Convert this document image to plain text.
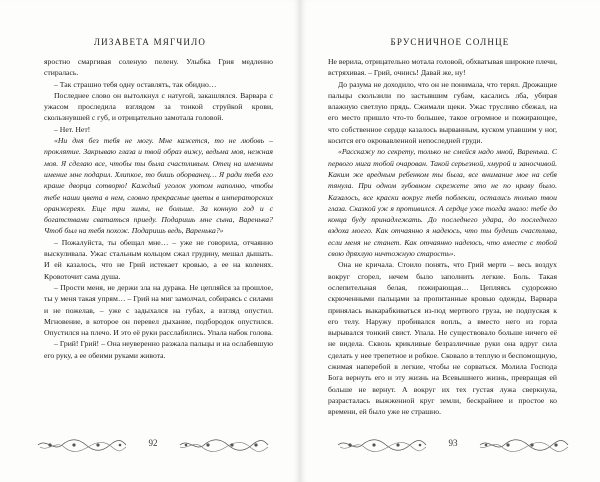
ЛИЗАВЕТА МЯГЧИЛО

яростно смаргивая соленую пелену. Улыбка Грия медленно стиралась.

– Так страшно тебя одну оставлять, так обидно…

Последнее слово он вытолкнул с натугой, закашлялся. Варвара с ужасом проследила взглядом за тонкой струйкой крови, скользнувшей с губ, и отрицательно замотала головой.

– Нет. Нет!

«Ни дня без тебя не могу. Мне кажется, то не любовь – проклятие. Закрываю глаза и твой образ вижу, ведьма моя, нежная моя. Я сделаю все, чтобы ты была счастливым. Отец на именины имение мне подарил. Хлипкое, то бишь оборванец… Я ради тебя его краше дворца сотворю! Каждый уголок уютом наполню, чтобы тебе наши цвета в нем, словно прекрасные цветы в императорских оранжереях. Еще три зимы, не больше. За конную год и с богатствами свататься приеду. Подаришь мне сына, Варенька? Чтоб был на тебя похож. Подаришь ведь, Варенька?»

– Пожалуйста, ты обещал мне… – уже не говорила, отчаянно выскуливала. Ужас стальным кольцом сжал грудину, мешал дышать. И ей казалось, что не Грий истекает кровью, а ее на коленях. Кровоточит сама душа.

– Прости меня, не держи зла на дурака. Не цепляйся за прошлое, ты у меня такая упрям… – Грий на миг замолчал, собираясь с силами и не пожелав, – уже с задыхался на губах, а взгляд опустил. Мгновение, в которое он перевел дыхание, подбородок опустился. Опустился на плечо. И это её руки расслабились. Упала набок голова.

– Грий! Грий! – Она неуверенно разжала пальцы и на ослабевшую его руку, а ее обеими руками живота.

92
БРУСНИЧНОЕ СОЛНЦЕ

Не верила, отрицательно мотала головой, обхватывая широкие плечи, встряхивая. – Грий, очнись! Давай же, ну!

До разума не доходило, что он не понимала, что терял. Дрожащие пальцы скользили по застывшим губам, касались лба, убирая влажную светлую прядь. Сжимали щеки. Ужас трусливо сбежал, на его место пришло что-то большее, такое огромное и пожирающее, что собственное сердце казалось вырванным, куском упавшим у ног, косится его окровавленной непоследней груди.

«Расскажу по секрету, только не смейся надо мной, Варенька. С первого мига тобой очарован. Такой серьезной, хмурой и заносчивой. Каким же вредным ребенком ты была, все внимание мое на себя тянула. При одном зубовном скрежете это не по нраву было. Казалось, все краски вокруг тебя поблекли, остались только твои глаза. Сказкой уж я противился. А сердце уже тогда знало: тебе до конца буду принадлежать. До последнего удара, до последнего вздоха моего. Как отчаянно я надеюсь, что ты будешь счастлива, если меня не станет. Как отчаянно надеюсь, что вместе с тобой свою дряхлую ничтожную старость».

Она не кричала. Стоило понять, что Грий мертв – весь воздух вокруг сгорел, нечем было заполнить легкие. Боль. Такая ослепительная белая, пожирающая… Цепляясь судорожно скрюченными пальцами за пропитанные кровью одежды, Варвара принялась выкарабкиваться из-под мертвого груза, не подпуская к его телу. Наружу пробивался вопль, а вместо него из горла вырывался тонкий свист. Упала. Не существовало больше ничего её не видела. Сквозь крикливые безразличные руки она вдруг сила сделать у нее трепетное и робкое. Сковало в теплую и беспомощную, сжимая наперебой в легкие, чтобы не сорваться. Молила Господа Бога вернуть его и эту жизнь на Всевышнего жизнь, превращая ей больше не вернут. А вокруг их тех густая лужа сверкнула, разрасталась выжженной круг земли, бескрайнее и простое ко времени, ей было уже не страшно.

93
